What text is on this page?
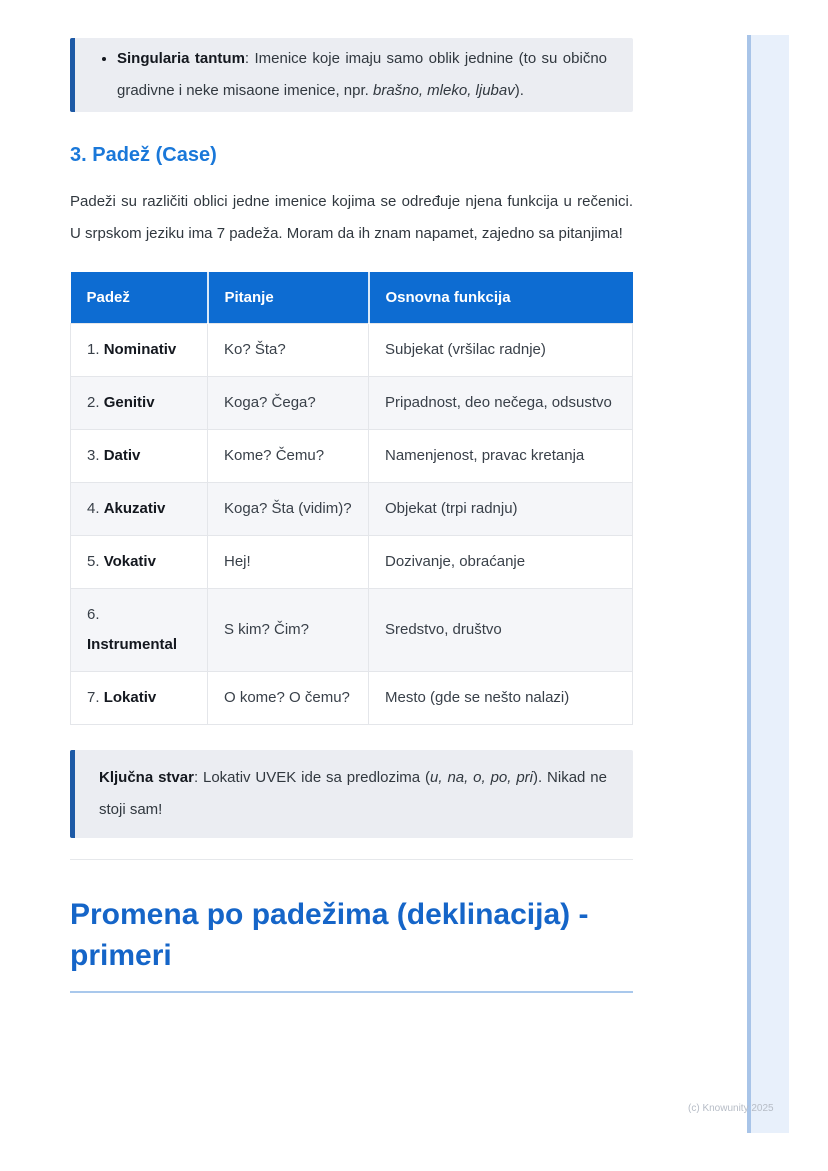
(c) Knowunity 2025
• Singularia tantum: Imenice koje imaju samo oblik jednine (to su obično gradivne i neke misaone imenice, npr. brašno, mleko, ljubav).
3. Padež (Case)

Padeži su različiti oblici jedne imenice kojima se određuje njena funkcija u rečenici. U srpskom jeziku ima 7 padeža. Moram da ih znam napamet, zajedno sa pitanjima!

Padež	Pitanje	Osnovna funkcija
1. Nominativ	Ko? Šta?	Subjekat (vršilac radnje)
2. Genitiv	Koga? Čega?	Pripadnost, deo nečega, odsustvo
3. Dativ	Kome? Čemu?	Namenjenost, pravac kretanja
4. Akuzativ	Koga? Šta (vidim)?	Objekat (trpi radnju)
5. Vokativ	Hej!	Dozivanje, obraćanje
6. Instrumental	S kim? Čim?	Sredstvo, društvo
7. Lokativ	O kome? O čemu?	Mesto (gde se nešto nalazi)

Ključna stvar: Lokativ UVEK ide sa predlozima (u, na, o, po, pri). Nikad ne stoji sam!

Promena po padežima (deklinacija) - primeri
